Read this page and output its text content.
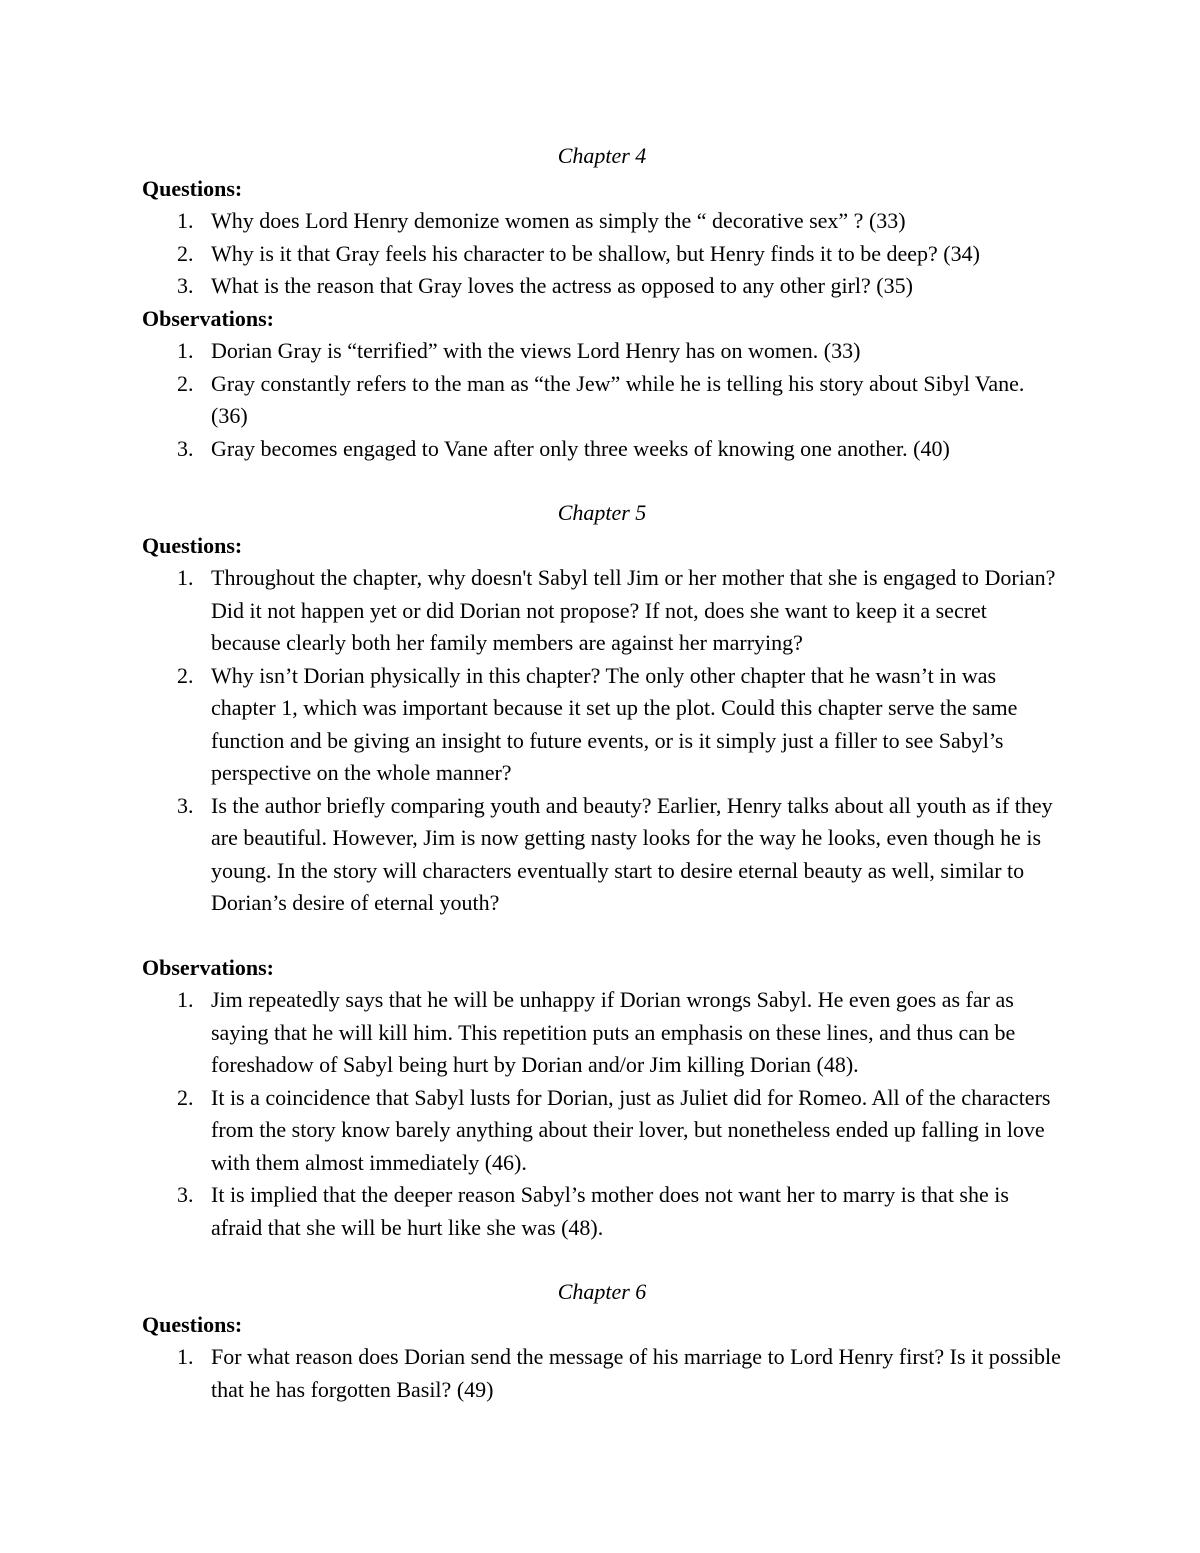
Chapter 4

Questions:

1. Why does Lord Henry demonize women as simply the “ decorative sex” ? (33)
2. Why is it that Gray feels his character to be shallow, but Henry finds it to be deep? (34)
3. What is the reason that Gray loves the actress as opposed to any other girl? (35)

Observations:

1. Dorian Gray is “terrified” with the views Lord Henry has on women. (33)
2. Gray constantly refers to the man as “the Jew” while he is telling his story about Sibyl Vane. (36)
3. Gray becomes engaged to Vane after only three weeks of knowing one another. (40)
Chapter 5

Questions:

1. Throughout the chapter, why doesn't Sabyl tell Jim or her mother that she is engaged to Dorian? Did it not happen yet or did Dorian not propose? If not, does she want to keep it a secret because clearly both her family members are against her marrying?
2. Why isn’t Dorian physically in this chapter? The only other chapter that he wasn’t in was chapter 1, which was important because it set up the plot. Could this chapter serve the same function and be giving an insight to future events, or is it simply just a filler to see Sabyl’s perspective on the whole manner?
3. Is the author briefly comparing youth and beauty? Earlier, Henry talks about all youth as if they are beautiful. However, Jim is now getting nasty looks for the way he looks, even though he is young. In the story will characters eventually start to desire eternal beauty as well, similar to Dorian’s desire of eternal youth?

Observations:

1. Jim repeatedly says that he will be unhappy if Dorian wrongs Sabyl. He even goes as far as saying that he will kill him. This repetition puts an emphasis on these lines, and thus can be foreshadow of Sabyl being hurt by Dorian and/or Jim killing Dorian (48).
2. It is a coincidence that Sabyl lusts for Dorian, just as Juliet did for Romeo. All of the characters from the story know barely anything about their lover, but nonetheless ended up falling in love with them almost immediately (46).
3. It is implied that the deeper reason Sabyl’s mother does not want her to marry is that she is afraid that she will be hurt like she was (48).
Chapter 6

Questions:

1. For what reason does Dorian send the message of his marriage to Lord Henry first? Is it possible that he has forgotten Basil? (49)
